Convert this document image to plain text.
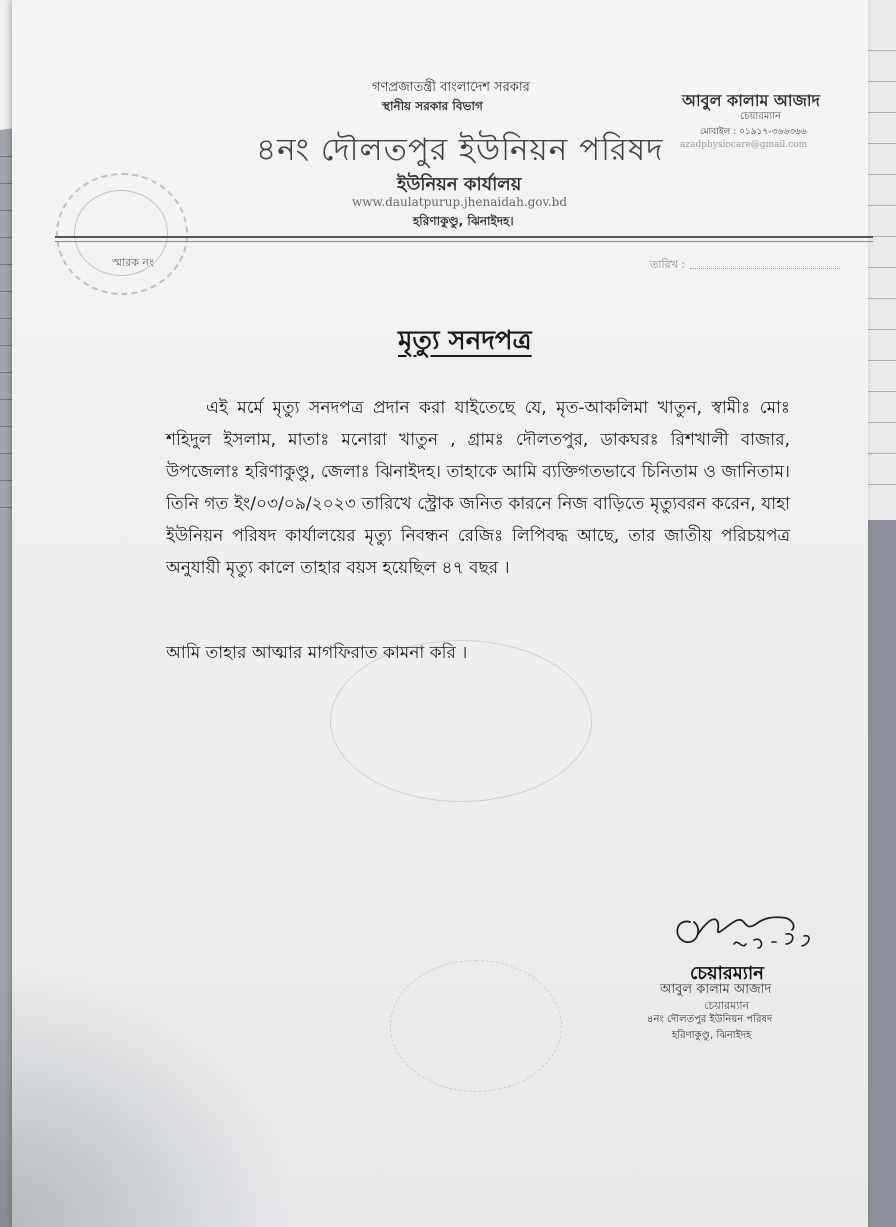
গণপ্রজাতন্ত্রী বাংলাদেশ সরকার
স্থানীয় সরকার বিভাগ
৪নং দৌলতপুর ইউনিয়ন পরিষদ
ইউনিয়ন কার্যালয়
www.daulatpurup.jhenaidah.gov.bd
হরিণাকুণ্ডু, ঝিনাইদহ।
আবুল কালাম আজাদ
চেয়ারম্যান
মোবাইল : ০১৯১৭-৩৬৬৩৬৬
azadphysiocare@gmail.com
স্মারক নং	তারিখ :
মৃত্যু সনদপত্র
এই মর্মে মৃত্যু সনদপত্র প্রদান করা যাইতেছে যে, মৃত-আকলিমা খাতুন, স্বামীঃ মোঃ শহিদুল ইসলাম, মাতাঃ মনোরা খাতুন , গ্রামঃ দৌলতপুর, ডাকঘরঃ রিশখালী বাজার, উপজেলাঃ হরিণাকুণ্ডু, জেলাঃ ঝিনাইদহ। তাহাকে আমি ব্যক্তিগতভাবে চিনিতাম ও জানিতাম। তিনি গত ইং/০৩/০৯/২০২৩ তারিখে স্ট্রোক জনিত কারনে নিজ বাড়িতে মৃত্যুবরন করেন, যাহা ইউনিয়ন পরিষদ কার্যালয়ের মৃত্যু নিবন্ধন রেজিঃ লিপিবদ্ধ আছে, তার জাতীয় পরিচয়পত্র অনুযায়ী মৃত্যু কালে তাহার বয়স হয়েছিল ৪৭ বছর ।
আমি তাহার আত্মার মাগফিরাত কামনা করি ।
চেয়ারম্যান
আবুল কালাম আজাদ
চেয়ারম্যান
৪নং দৌলতপুর ইউনিয়ন পরিষদ
হরিণাকুণ্ডু, ঝিনাইদহ
